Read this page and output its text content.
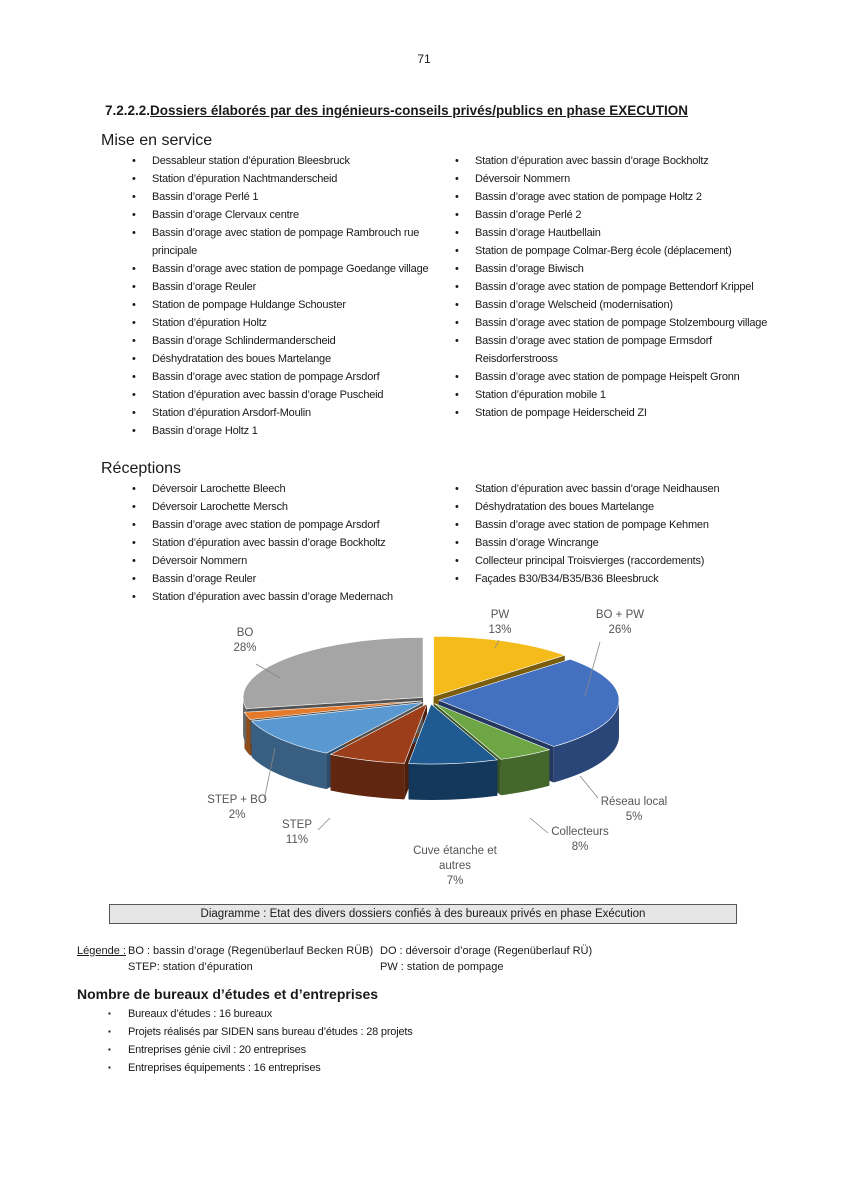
71
7.2.2.2.Dossiers élaborés par des ingénieurs-conseils privés/publics en phase EXECUTION
Mise en service
• Dessableur station d’épuration Bleesbruck
• Station d’épuration Nachtmanderscheid
• Bassin d’orage Perlé 1
• Bassin d’orage Clervaux centre
• Bassin d’orage avec station de pompage Rambrouch rue
principale
• Bassin d’orage avec station de pompage Goedange village
• Bassin d’orage Reuler
• Station de pompage Huldange Schouster
• Station d’épuration Holtz
• Bassin d’orage Schlindermanderscheid
• Déshydratation des boues Martelange
• Bassin d’orage avec station de pompage Arsdorf
• Station d’épuration avec bassin d’orage Puscheid
• Station d’épuration Arsdorf-Moulin
• Bassin d’orage Holtz 1
• Station d’épuration avec bassin d’orage Bockholtz
• Déversoir Nommern
• Bassin d’orage avec station de pompage Holtz 2
• Bassin d’orage Perlé 2
• Bassin d’orage Hautbellain
• Station de pompage Colmar-Berg école (déplacement)
• Bassin d’orage Biwisch
• Bassin d’orage avec station de pompage Bettendorf Krippel
• Bassin d’orage Welscheid (modernisation)
• Bassin d’orage avec station de pompage Stolzembourg village
• Bassin d’orage avec station de pompage Ermsdorf
Reisdorferstrooss
• Bassin d’orage avec station de pompage Heispelt Gronn
• Station d’épuration mobile 1
• Station de pompage Heiderscheid ZI
Réceptions
• Déversoir Larochette Bleech
• Déversoir Larochette Mersch
• Bassin d’orage avec station de pompage Arsdorf
• Station d’épuration avec bassin d’orage Bockholtz
• Déversoir Nommern
• Bassin d’orage Reuler
• Station d’épuration avec bassin d’orage Medernach
• Station d’épuration avec bassin d’orage Neidhausen
• Déshydratation des boues Martelange
• Bassin d’orage avec station de pompage Kehmen
• Bassin d’orage Wincrange
• Collecteur principal Troisvierges (raccordements)
• Façades B30/B34/B35/B36 Bleesbruck
PW 13%
BO + PW 26%
Réseau local 5%
Collecteurs 8%
Cuve étanche et autres 7%
STEP 11%
STEP + BO 2%
BO 28%
Diagramme : Etat des divers dossiers confiés à des bureaux privés en phase Exécution
Légende : BO : bassin d’orage (Regenüberlauf Becken RÜB)
STEP: station d’épuration
DO : déversoir d’orage (Regenüberlauf RÜ)
PW : station de pompage
Nombre de bureaux d’études et d’entreprises
▪ Bureaux d’études : 16 bureaux
▪ Projets réalisés par SIDEN sans bureau d’études : 28 projets
▪ Entreprises génie civil : 20 entreprises
▪ Entreprises équipements : 16 entreprises
